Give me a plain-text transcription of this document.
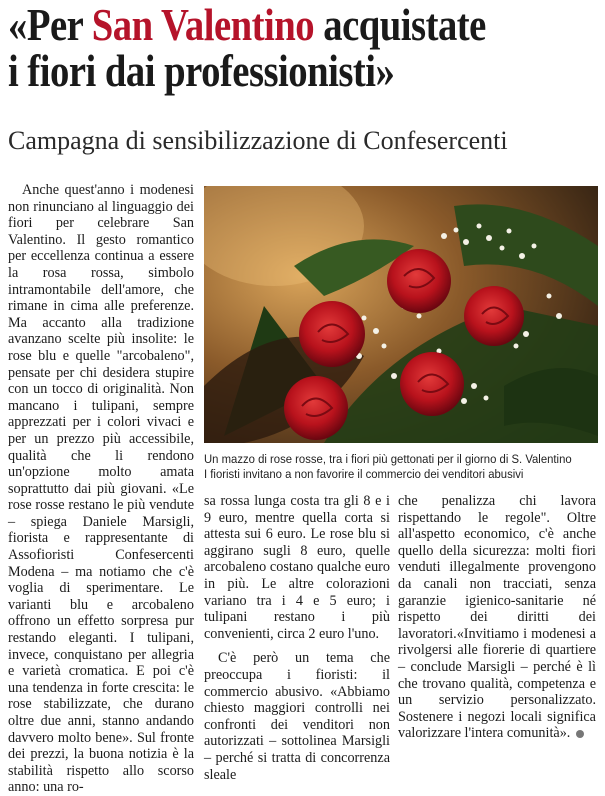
«Per San Valentino acquistate
i fiori dai professionisti»
Campagna di sensibilizzazione di Confesercenti

Anche quest'anno i modenesi non rinunciano al linguaggio dei fiori per celebrare San Valentino. Il gesto romantico per eccellenza continua a essere la rosa rossa, simbolo intramontabile dell'amore, che rimane in cima alle preferenze. Ma accanto alla tradizione avanzano scelte più insolite: le rose blu e quelle "arcobaleno", pensate per chi desidera stupire con un tocco di originalità. Non mancano i tulipani, sempre apprezzati per i colori vivaci e per un prezzo più accessibile, qualità che li rendono un'opzione molto amata soprattutto dai più giovani. «Le rose rosse restano le più vendute – spiega Daniele Marsigli, fiorista e rappresentante di Assofioristi Confesercenti Modena – ma notiamo che c'è voglia di sperimentare. Le varianti blu e arcobaleno offrono un effetto sorpresa pur restando eleganti. I tulipani, invece, conquistano per allegria e varietà cromatica. E poi c'è una tendenza in forte crescita: le rose stabilizzate, che durano oltre due anni, stanno andando davvero molto bene». Sul fronte dei prezzi, la buona notizia è la stabilità rispetto allo scorso anno: una ro-

Un mazzo di rose rosse, tra i fiori più gettonati per il giorno di S. Valentino
I fioristi invitano a non favorire il commercio dei venditori abusivi

sa rossa lunga costa tra gli 8 e i 9 euro, mentre quella corta si attesta sui 6 euro. Le rose blu si aggirano sugli 8 euro, quelle arcobaleno costano qualche euro in più. Le altre colorazioni variano tra i 4 e 5 euro; i tulipani restano i più convenienti, circa 2 euro l'uno.

C'è però un tema che preoccupa i fioristi: il commercio abusivo. «Abbiamo chiesto maggiori controlli nei confronti dei venditori non autorizzati – sottolinea Marsigli – perché si tratta di concorrenza sleale

che penalizza chi lavora rispettando le regole". Oltre all'aspetto economico, c'è anche quello della sicurezza: molti fiori venduti illegalmente provengono da canali non tracciati, senza garanzie igienico-sanitarie né rispetto dei diritti dei lavoratori.«Invitiamo i modenesi a rivolgersi alle fiorerie di quartiere – conclude Marsigli – perché è lì che trovano qualità, competenza e un servizio personalizzato. Sostenere i negozi locali significa valorizzare l'intera comunità».
